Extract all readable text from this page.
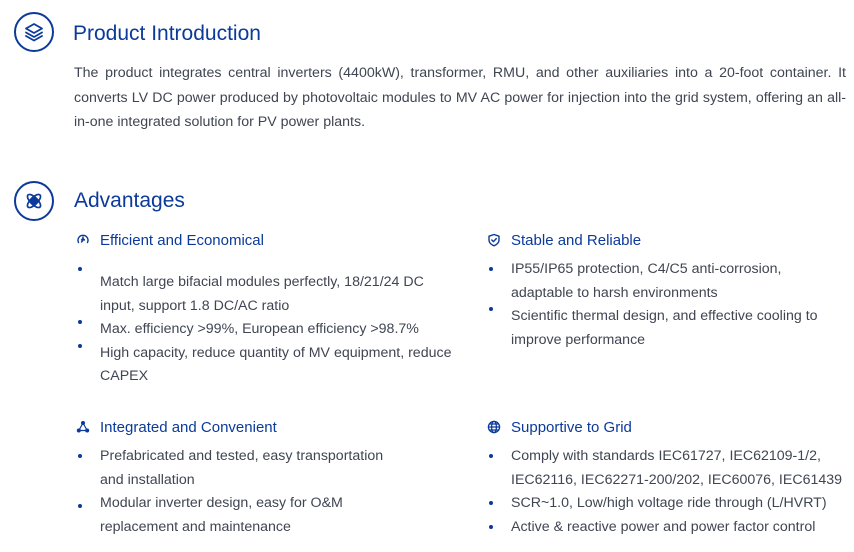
Product Introduction

The product integrates central inverters (4400kW), transformer, RMU, and other auxiliaries into a 20-foot container. It converts LV DC power produced by photovoltaic modules to MV AC power for injection into the grid system, offering an all-in-one integrated solution for PV power plants.

Advantages
Efficient and Economical
Match large bifacial modules perfectly, 18/21/24 DC input, support 1.8 DC/AC ratio
Max. efficiency >99%, European efficiency >98.7%
High capacity, reduce quantity of MV equipment, reduce CAPEX
Stable and Reliable
IP55/IP65 protection, C4/C5 anti-corrosion, adaptable to harsh environments
Scientific thermal design, and effective cooling to improve performance
Integrated and Convenient
Prefabricated and tested, easy transportation and installation
Modular inverter design, easy for O&M replacement and maintenance
Supportive to Grid
Comply with standards IEC61727, IEC62109-1/2, IEC62116, IEC62271-200/202, IEC60076, IEC61439
SCR~1.0, Low/high voltage ride through (L/HVRT)
Active & reactive power and power factor control
